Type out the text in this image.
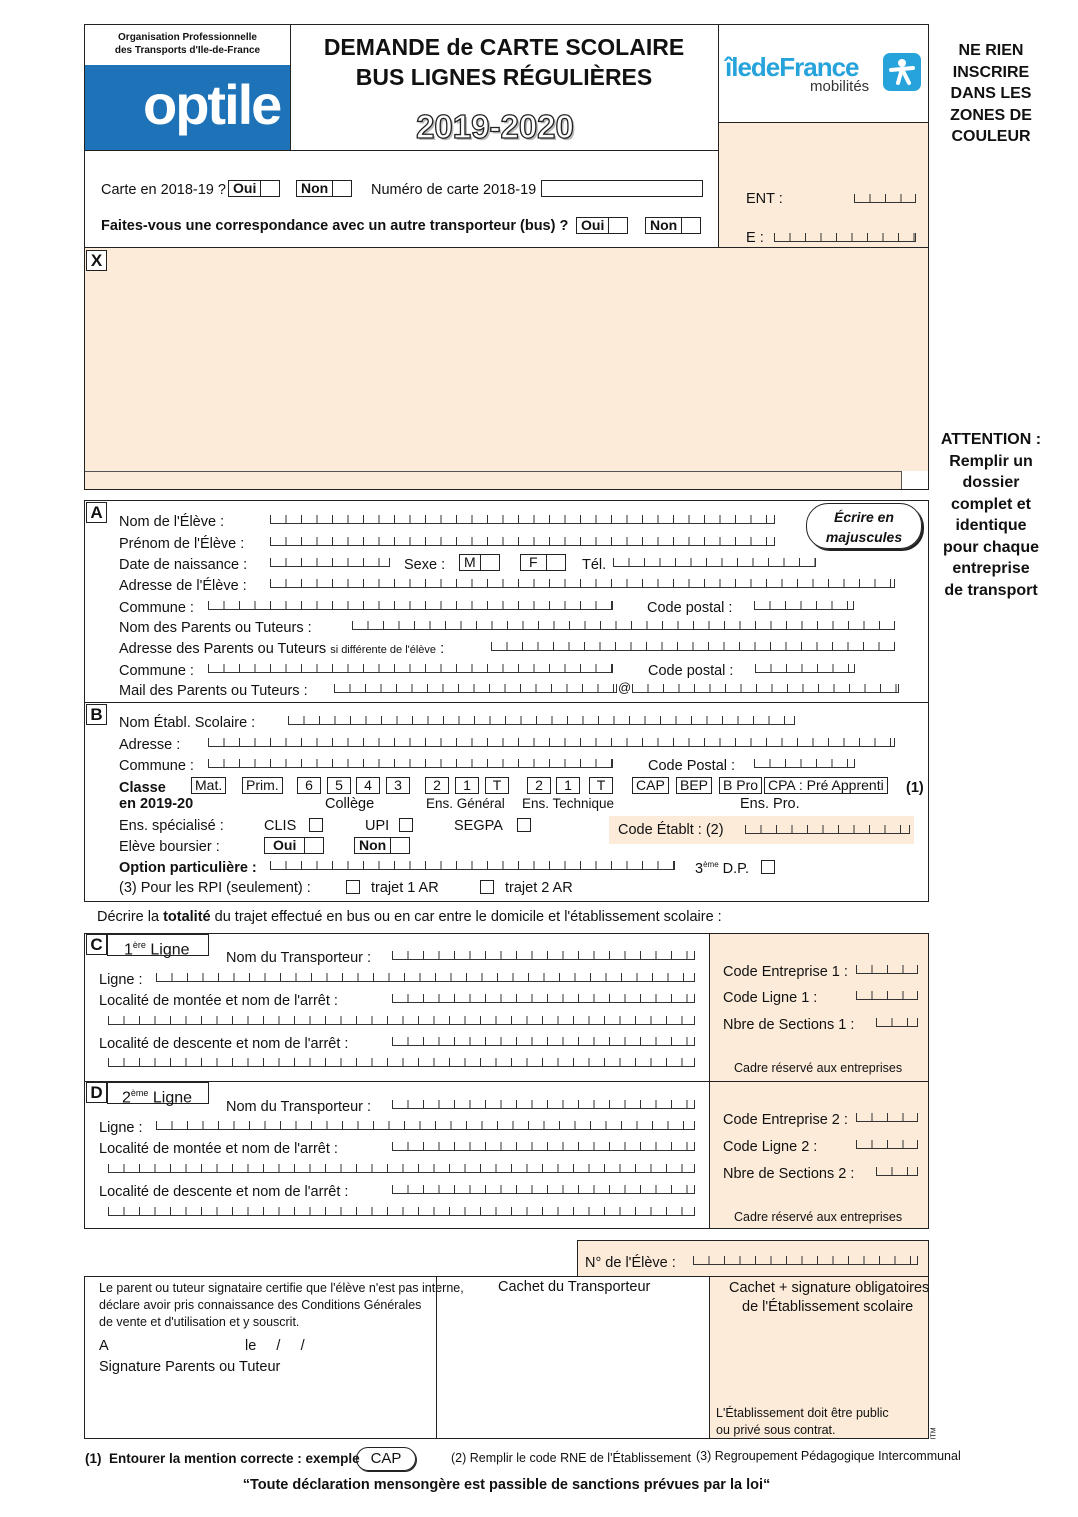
Organisation Professionnelle
des Transports d'Ile-de-France
optile
DEMANDE de CARTE SCOLAIRE
BUS LIGNES RÉGULIÈRES
2019-2020
îledeFrance
mobilités
NE RIEN
INSCRIRE
DANS LES
ZONES DE
COULEUR
ATTENTION :
Remplir un
dossier
complet et
identique
pour chaque
entreprise
de transport
Carte en 2018-19 ? Oui	Non	Numéro de carte 2018-19
Faites-vous une correspondance avec un autre transporteur (bus) ? Oui	Non
ENT :
E :
X
A	Écrire en
majuscules
Nom de l'Élève :
Prénom de l'Élève :
Date de naissance :	Sexe : M	F	Tél.
Adresse de l'Élève :
Commune :	Code postal :
Nom des Parents ou Tuteurs :
Adresse des Parents ou Tuteurs si différente de l'élève :
Commune :	Code postal :
Mail des Parents ou Tuteurs :	@
B	Nom Établ. Scolaire :
Adresse :
Commune :	Code Postal :
Classe
en 2019-20
Mat. Prim.	6	5	4	3	2	1	T	2	1	T	CAP BEP B Pro CPA : Pré Apprenti (1)
Collège	Ens. Général Ens. Technique	Ens. Pro.
Ens. spécialisé :	CLIS	UPI	SEGPA	Code Établt : (2)
Elève boursier :	Oui	Non
Option particulière :	3ème D.P.
(3) Pour les RPI (seulement) :	trajet 1 AR	trajet 2 AR
Décrire la totalité du trajet effectué en bus ou en car entre le domicile et l'établissement scolaire :
C	1ère Ligne	Nom du Transporteur :
Ligne :
Localité de montée et nom de l'arrêt :
Localité de descente et nom de l'arrêt :
Code Entreprise 1 :
Code Ligne 1 :
Nbre de Sections 1 :
Cadre réservé aux entreprises
D	2ème Ligne
Nom du Transporteur :
Ligne :
Localité de montée et nom de l'arrêt :
Localité de descente et nom de l'arrêt :
Code Entreprise 2 :
Code Ligne 2 :
Nbre de Sections 2 :
Cadre réservé aux entreprises
N° de l'Élève :
Le parent ou tuteur signataire certifie que l'élève n'est pas interne,
déclare avoir pris connaissance des Conditions Générales
de vente et d'utilisation et y souscrit.
A	le     /     /
Signature Parents ou Tuteur
Cachet du Transporteur	Cachet + signature obligatoires
de l'Établissement scolaire
L'Établissement doit être public
ou privé sous contrat.	ITM
(1) Entourer la mention correcte : exemple CAP	(2) Remplir le code RNE de l'Établissement (3) Regroupement Pédagogique Intercommunal
“Toute déclaration mensongère est passible de sanctions prévues par la loi“
